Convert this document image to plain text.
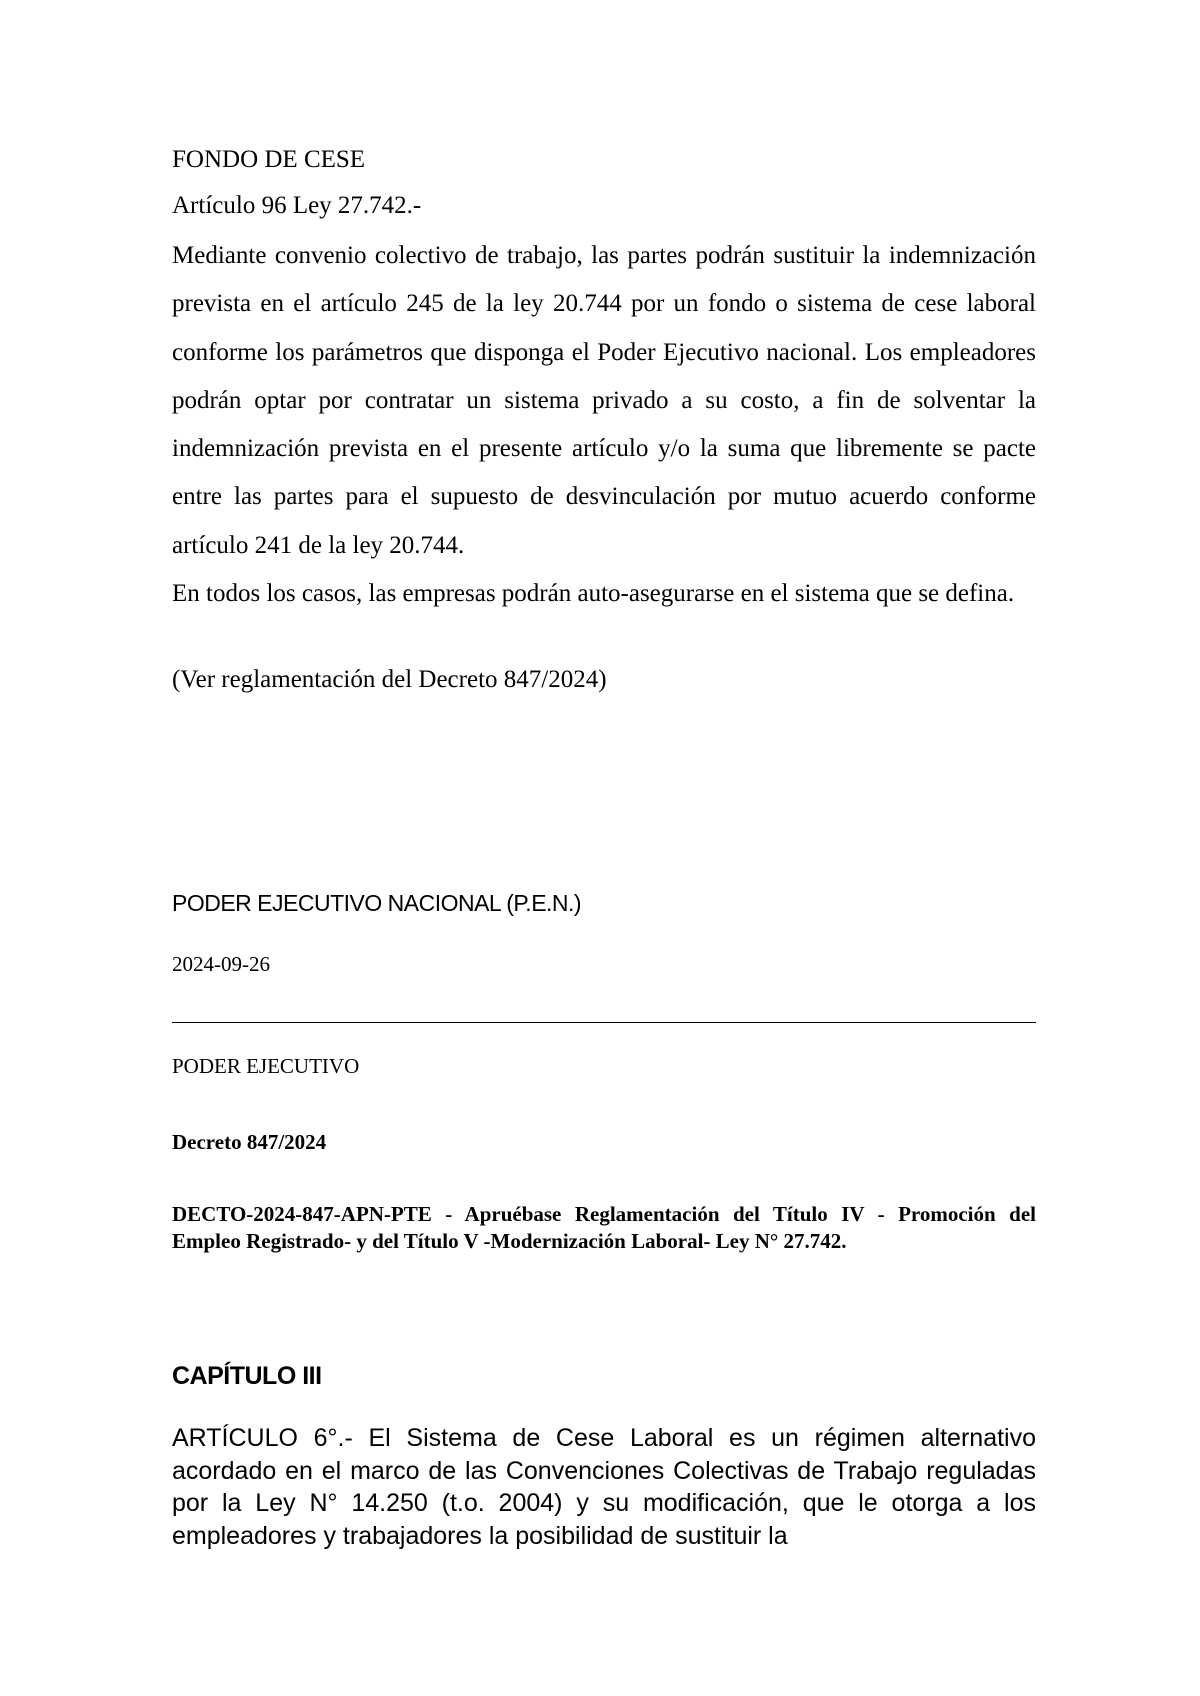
FONDO DE CESE
Artículo 96 Ley 27.742.-

Mediante convenio colectivo de trabajo, las partes podrán sustituir la indemnización prevista en el artículo 245 de la ley 20.744 por un fondo o sistema de cese laboral conforme los parámetros que disponga el Poder Ejecutivo nacional. Los empleadores podrán optar por contratar un sistema privado a su costo, a fin de solventar la indemnización prevista en el presente artículo y/o la suma que libremente se pacte entre las partes para el supuesto de desvinculación por mutuo acuerdo conforme artículo 241 de la ley 20.744.

En todos los casos, las empresas podrán auto-asegurarse en el sistema que se defina.

(Ver reglamentación del Decreto 847/2024)
PODER EJECUTIVO NACIONAL (P.E.N.)
2024-09-26
PODER EJECUTIVO
Decreto 847/2024
DECTO-2024-847-APN-PTE - Apruébase Reglamentación del Título IV - Promoción del Empleo Registrado- y del Título V -Modernización Laboral- Ley N° 27.742.
CAPÍTULO III

ARTÍCULO 6°.- El Sistema de Cese Laboral es un régimen alternativo acordado en el marco de las Convenciones Colectivas de Trabajo reguladas por la Ley N° 14.250 (t.o. 2004) y su modificación, que le otorga a los empleadores y trabajadores la posibilidad de sustituir la
